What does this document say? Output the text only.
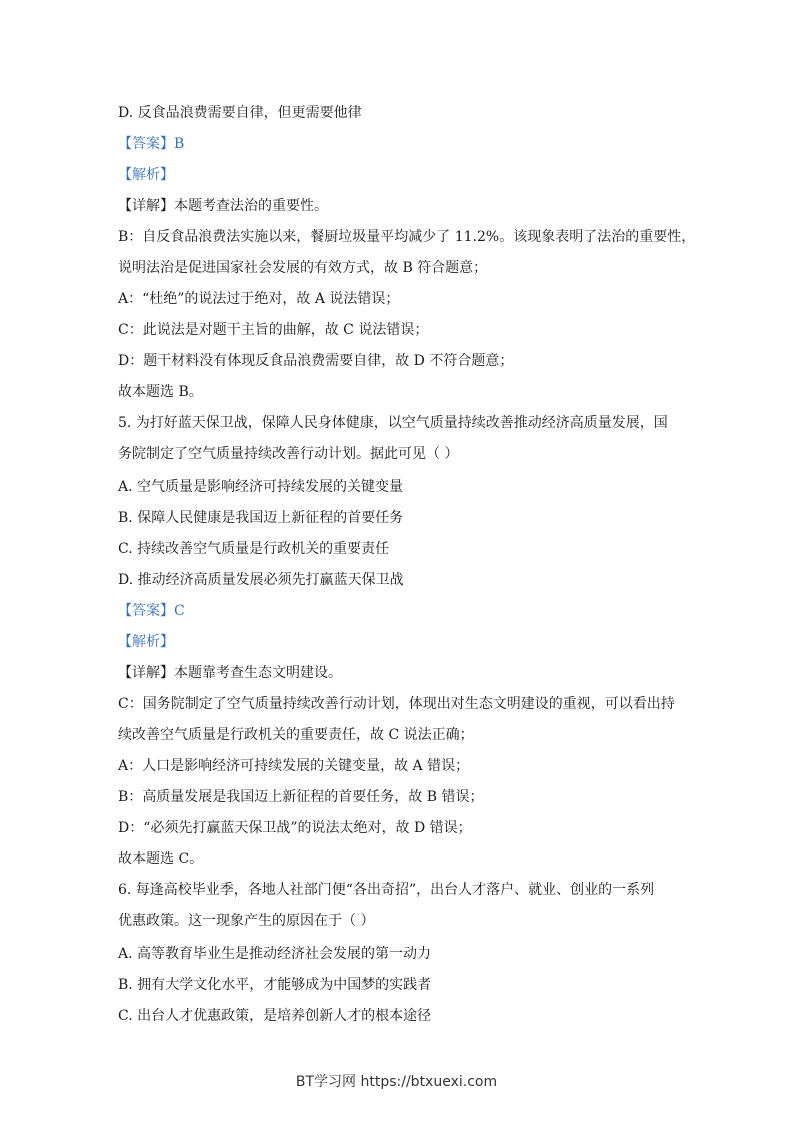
D. 反食品浪费需要自律，但更需要他律
【答案】B
【解析】
【详解】本题考查法治的重要性。
B：自反食品浪费法实施以来，餐厨垃圾量平均减少了 11.2%。该现象表明了法治的重要性，
说明法治是促进国家社会发展的有效方式，故 B 符合题意；
A：“杜绝”的说法过于绝对，故 A 说法错误；
C：此说法是对题干主旨的曲解，故 C 说法错误；
D：题干材料没有体现反食品浪费需要自律，故 D 不符合题意；
故本题选 B。
5. 为打好蓝天保卫战，保障人民身体健康，以空气质量持续改善推动经济高质量发展，国
务院制定了空气质量持续改善行动计划。据此可见（ ）
A. 空气质量是影响经济可持续发展的关键变量
B. 保障人民健康是我国迈上新征程的首要任务
C. 持续改善空气质量是行政机关的重要责任
D. 推动经济高质量发展必须先打赢蓝天保卫战
【答案】C
【解析】
【详解】本题靠考查生态文明建设。
C：国务院制定了空气质量持续改善行动计划，体现出对生态文明建设的重视，可以看出持
续改善空气质量是行政机关的重要责任，故 C 说法正确；
A：人口是影响经济可持续发展的关键变量，故 A 错误；
B：高质量发展是我国迈上新征程的首要任务，故 B 错误；
D：“必须先打赢蓝天保卫战”的说法太绝对，故 D 错误；
故本题选 C。
6. 每逢高校毕业季，各地人社部门便“各出奇招”，出台人才落户、就业、创业的一系列
优惠政策。这一现象产生的原因在于（ ）
A. 高等教育毕业生是推动经济社会发展的第一动力
B. 拥有大学文化水平，才能够成为中国梦的实践者
C. 出台人才优惠政策，是培养创新人才的根本途径
BT学习网 https://btxuexi.com
